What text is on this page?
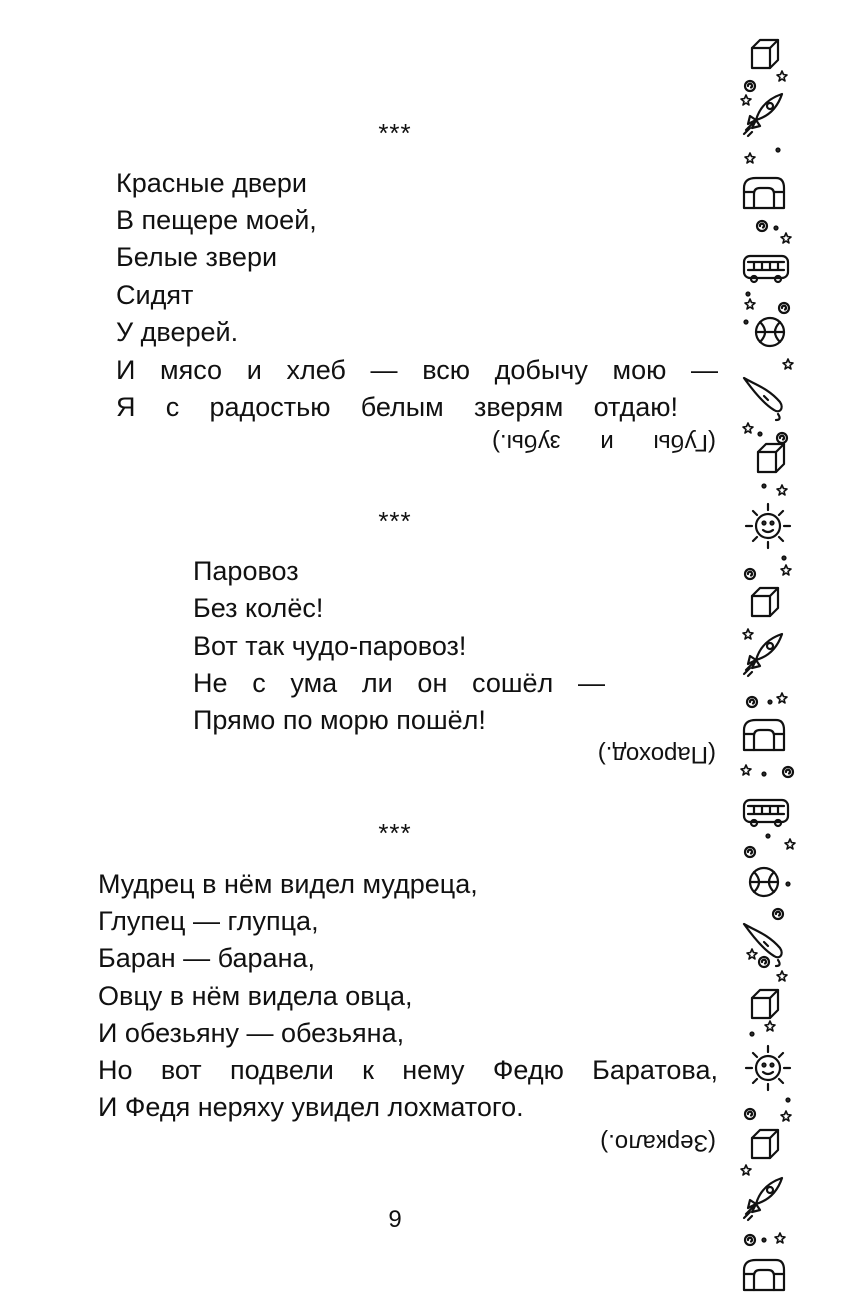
***
Красные двери
В пещере моей,
Белые звери
Сидят
У дверей.
И мясо и хлеб — всю добычу мою —
Я с радостью белым зверям отдаю!
(Губы и зубы.)
***
Паровоз
Без колёс!
Вот так чудо-паровоз!
Не с ума ли он сошёл —
Прямо по морю пошёл!
(Пароход.)
***
Мудрец в нём видел мудреца,
Глупец — глупца,
Баран — барана,
Овцу в нём видела овца,
И обезьяну — обезьяна,
Но вот подвели к нему Федю Баратова,
И Федя неряху увидел лохматого.
(Зеркало.)
9
